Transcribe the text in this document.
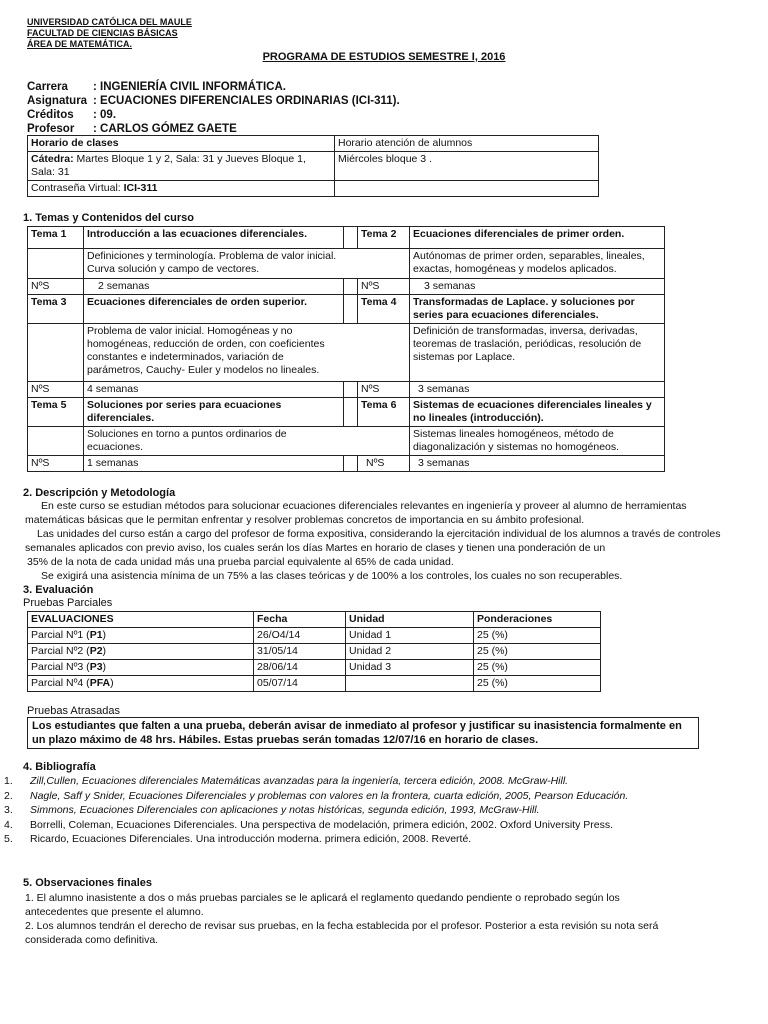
UNIVERSIDAD CATÓLICA DEL MAULE
FACULTAD DE CIENCIAS BÁSICAS
ÁREA DE MATEMÁTICA.
PROGRAMA DE ESTUDIOS SEMESTRE I, 2016
Carrera : INGENIERÍA CIVIL INFORMÁTICA.
Asignatura : ECUACIONES DIFERENCIALES ORDINARIAS (ICI-311).
Créditos : 09.
Profesor : CARLOS GÓMEZ GAETE
Horario de clases	Horario atención de alumnos
Cátedra: Martes Bloque 1 y 2, Sala: 31 y Jueves Bloque 1, Sala: 31	Miércoles bloque 3 .
Contraseña Virtual: ICI-311	
1. Temas y Contenidos del curso
Tema 1	Introducción a las ecuaciones diferenciales.		Tema 2	Ecuaciones diferenciales de primer orden.
	Definiciones y terminología. Problema de valor inicial. Curva solución y campo de vectores.			Autónomas de primer orden, separables, lineales, exactas, homogéneas y modelos aplicados.
NºS	2 semanas		NºS	3 semanas
Tema 3	Ecuaciones diferenciales de orden superior.		Tema 4	Transformadas de Laplace. y soluciones por series para ecuaciones diferenciales.
	Problema de valor inicial. Homogéneas y no homogéneas, reducción de orden, con coeficientes constantes e indeterminados, variación de parámetros, Cauchy- Euler y modelos no lineales.			Definición de transformadas, inversa, derivadas, teoremas de traslación, periódicas, resolución de sistemas por Laplace.
NºS	4 semanas		NºS	3 semanas
Tema 5	Soluciones por series para ecuaciones diferenciales.		Tema 6	Sistemas de ecuaciones diferenciales lineales y no lineales (introducción).
	Soluciones en torno a puntos ordinarios de ecuaciones.			Sistemas lineales homogéneos, método de diagonalización y sistemas no homogéneos.
NºS	1 semanas		NºS	3 semanas
2. Descripción y Metodología
En este curso se estudian métodos para solucionar ecuaciones diferenciales relevantes en ingeniería y proveer al alumno de herramientas matemáticas básicas que le permitan enfrentar y resolver problemas concretos de importancia en su ámbito profesional.
Las unidades del curso están a cargo del profesor de forma expositiva, considerando la ejercitación individual de los alumnos a través de controles semanales aplicados con previo aviso, los cuales serán los días Martes en horario de clases y tienen una ponderación de un
35% de la nota de cada unidad más una prueba parcial equivalente al 65% de cada unidad.
Se exigirá una asistencia mínima de un 75% a las clases teóricas y de 100% a los controles, los cuales no son recuperables.
3. Evaluación
Pruebas Parciales
EVALUACIONES	Fecha	Unidad	Ponderaciones
Parcial Nº1 (P1)	26/O4/14	Unidad 1	25 (%)
Parcial Nº2 (P2)	31/05/14	Unidad 2	25 (%)
Parcial Nº3 (P3)	28/06/14	Unidad 3	25 (%)
Parcial Nº4 (PFA)	05/07/14		25 (%)
Pruebas Atrasadas
Los estudiantes que falten a una prueba, deberán avisar de inmediato al profesor y justificar su inasistencia formalmente en un plazo máximo de 48 hrs. Hábiles. Estas pruebas serán tomadas 12/07/16 en horario de clases.
4. Bibliografía
1. Zill,Cullen, Ecuaciones diferenciales Matemáticas avanzadas para la ingeniería, tercera edición, 2008. McGraw-Hill.
2. Nagle, Saff y Snider, Ecuaciones Diferenciales y problemas con valores en la frontera, cuarta edición, 2005, Pearson Educación.
3. Simmons, Ecuaciones Diferenciales con aplicaciones y notas históricas, segunda edición, 1993, McGraw-Hill.
4. Borrelli, Coleman, Ecuaciones Diferenciales. Una perspectiva de modelación, primera edición, 2002. Oxford University Press.
5. Ricardo, Ecuaciones Diferenciales. Una introducción moderna. primera edición, 2008. Reverté.
5. Observaciones finales
1. El alumno inasistente a dos o más pruebas parciales se le aplicará el reglamento quedando pendiente o reprobado según los antecedentes que presente el alumno.
2. Los alumnos tendrán el derecho de revisar sus pruebas, en la fecha establecida por el profesor. Posterior a esta revisión su nota será considerada como definitiva.
